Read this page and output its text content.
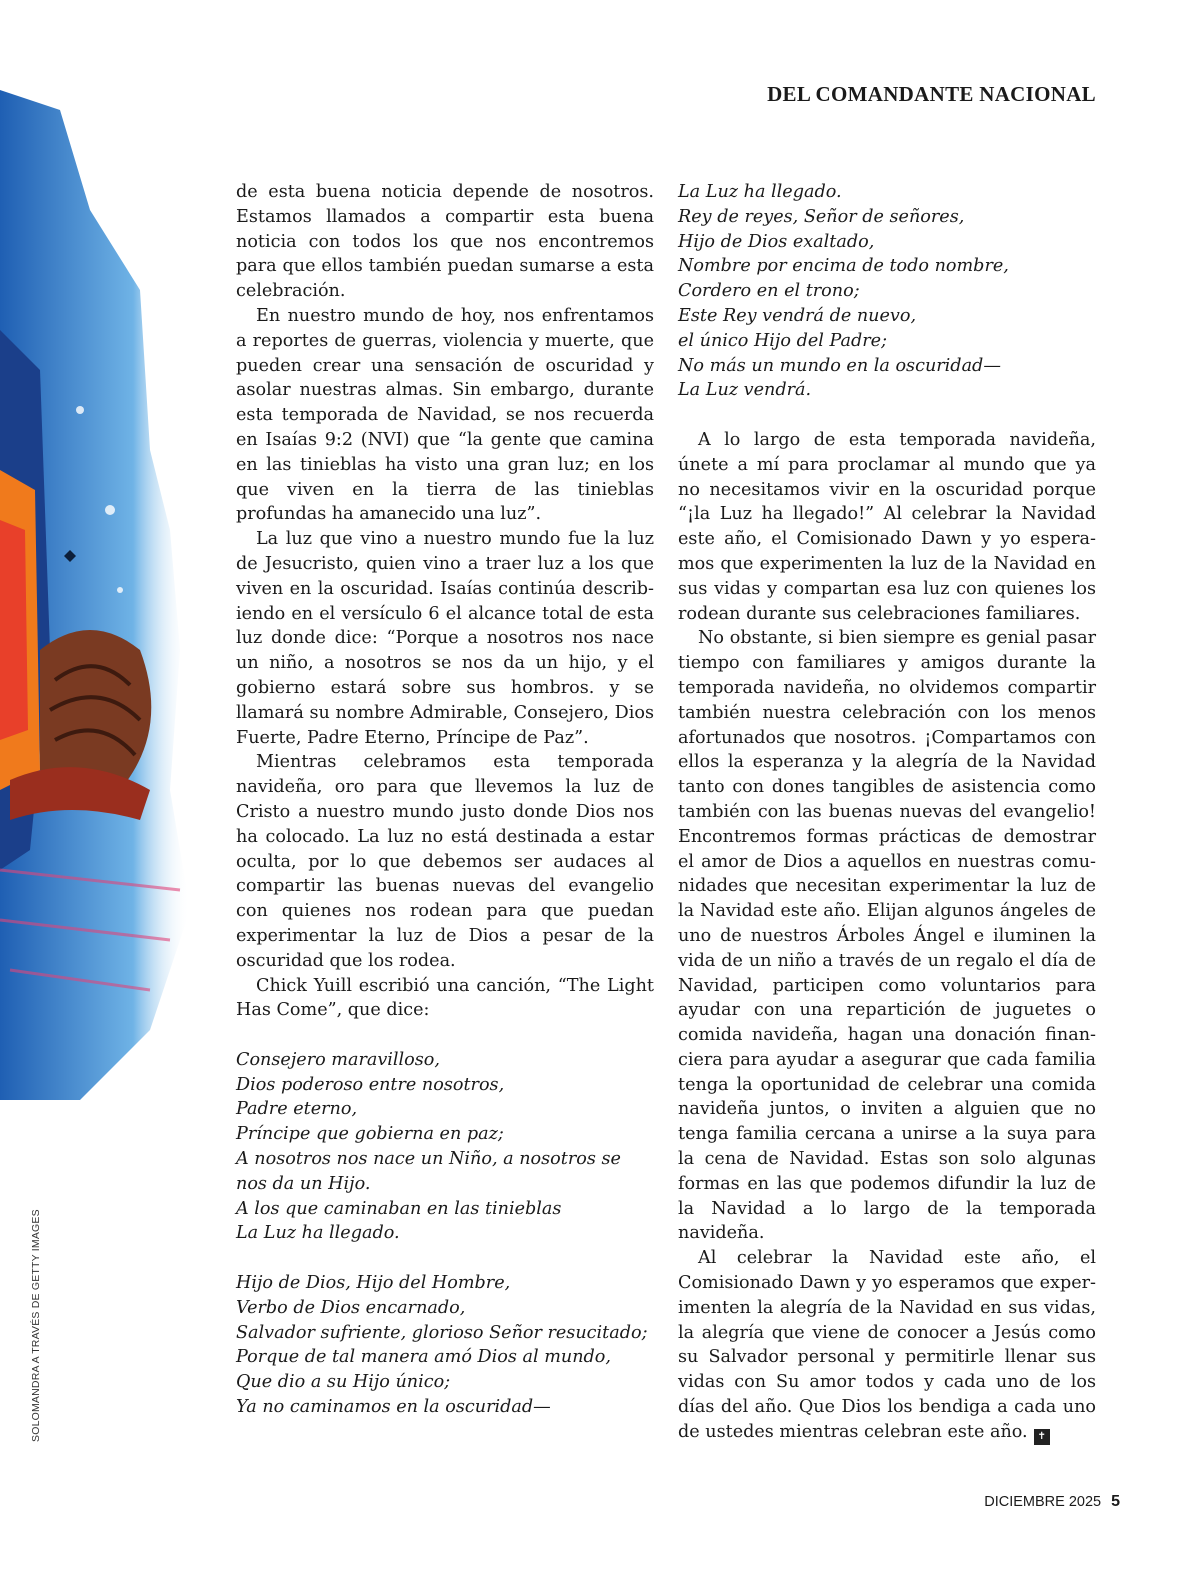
DEL COMANDANTE NACIONAL

de esta buena noticia depende de nosotros. Estamos llamados a compartir esta buena noticia con todos los que nos encontremos para que ellos también puedan sumarse a esta celebración.

En nuestro mundo de hoy, nos enfrentamos a reportes de guerras, violencia y muerte, que pueden crear una sensación de oscuridad y asolar nuestras almas. Sin embargo, durante esta temporada de Navidad, se nos recuerda en Isaías 9:2 (NVI) que “la gente que camina en las tinieblas ha visto una gran luz; en los que viven en la tierra de las tinieblas profundas ha amanecido una luz”.

La luz que vino a nuestro mundo fue la luz de Jesucristo, quien vino a traer luz a los que viven en la oscuridad. Isaías continúa describiendo en el versículo 6 el alcance total de esta luz donde dice: “Porque a nosotros nos nace un niño, a nosotros se nos da un hijo, y el gobierno estará sobre sus hombros. y se llamará su nombre Admirable, Consejero, Dios Fuerte, Padre Eterno, Príncipe de Paz”.

Mientras celebramos esta temporada navideña, oro para que llevemos la luz de Cristo a nuestro mundo justo donde Dios nos ha colocado. La luz no está destinada a estar oculta, por lo que debemos ser audaces al compartir las buenas nuevas del evangelio con quienes nos rodean para que puedan experimentar la luz de Dios a pesar de la oscuridad que los rodea.

Chick Yuill escribió una canción, “The Light Has Come”, que dice:

Consejero maravilloso,
Dios poderoso entre nosotros,
Padre eterno,
Príncipe que gobierna en paz;
A nosotros nos nace un Niño, a nosotros se
nos da un Hijo.
A los que caminaban en las tinieblas
La Luz ha llegado.
Hijo de Dios, Hijo del Hombre,
Verbo de Dios encarnado,
Salvador sufriente, glorioso Señor resucitado;
Porque de tal manera amó Dios al mundo,
Que dio a su Hijo único;
Ya no caminamos en la oscuridad—
La Luz ha llegado.
Rey de reyes, Señor de señores,
Hijo de Dios exaltado,
Nombre por encima de todo nombre,
Cordero en el trono;
Este Rey vendrá de nuevo,
el único Hijo del Padre;
No más un mundo en la oscuridad—
La Luz vendrá.

A lo largo de esta temporada navideña, únete a mí para proclamar al mundo que ya no necesitamos vivir en la oscuridad porque “¡la Luz ha llegado!” Al celebrar la Navidad este año, el Comisionado Dawn y yo esperamos que experimenten la luz de la Navidad en sus vidas y compartan esa luz con quienes los rodean durante sus celebraciones familiares.

No obstante, si bien siempre es genial pasar tiempo con familiares y amigos durante la temporada navideña, no olvidemos compartir también nuestra celebración con los menos afortunados que nosotros. ¡Compartamos con ellos la esperanza y la alegría de la Navidad tanto con dones tangibles de asistencia como también con las buenas nuevas del evangelio! Encontremos formas prácticas de demostrar el amor de Dios a aquellos en nuestras comunidades que necesitan experimentar la luz de la Navidad este año. Elijan algunos ángeles de uno de nuestros Árboles Ángel e iluminen la vida de un niño a través de un regalo el día de Navidad, participen como voluntarios para ayudar con una repartición de juguetes o comida navideña, hagan una donación financiera para ayudar a asegurar que cada familia tenga la oportunidad de celebrar una comida navideña juntos, o inviten a alguien que no tenga familia cercana a unirse a la suya para la cena de Navidad. Estas son solo algunas formas en las que podemos difundir la luz de la Navidad a lo largo de la temporada navideña.

Al celebrar la Navidad este año, el Comisionado Dawn y yo esperamos que experimenten la alegría de la Navidad en sus vidas, la alegría que viene de conocer a Jesús como su Salvador personal y permitirle llenar sus vidas con Su amor todos y cada uno de los días del año. Que Dios los bendiga a cada uno de ustedes mientras celebran este año. ✝

SOLOMANDRA A TRAVÉS DE GETTY IMAGES
DICIEMBRE 2025 5
